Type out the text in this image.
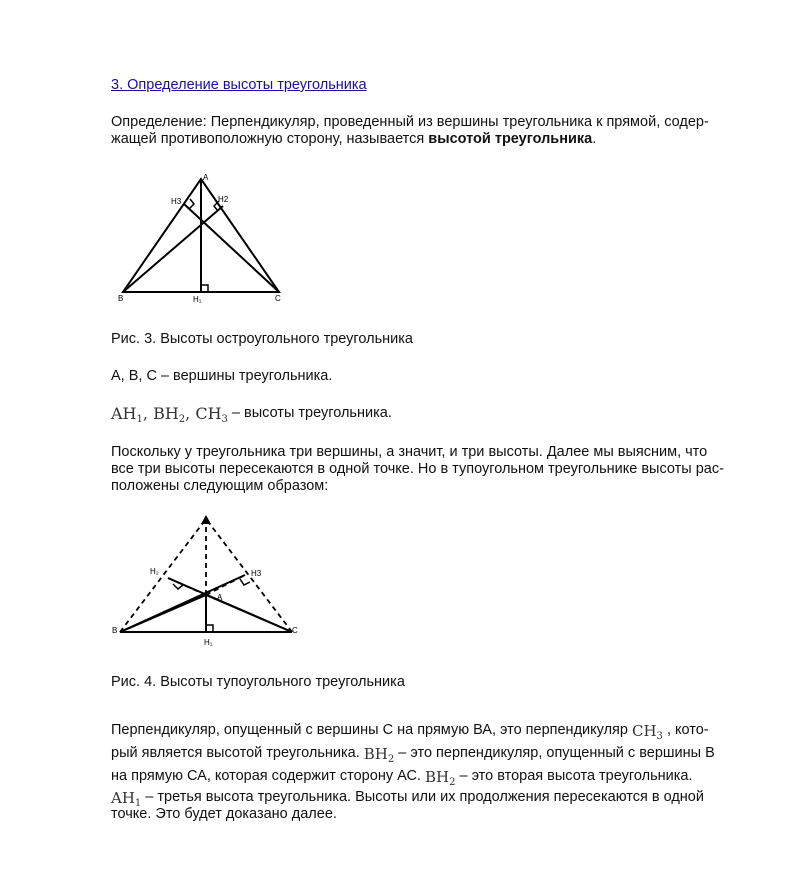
3. Определение высоты треугольника
Определение: Перпендикуляр, проведенный из вершины треугольника к прямой, содер-
жащей противоположную сторону, называется высотой треугольника.
A
B	C
H₁
H2
H3
Рис. 3. Высоты остроугольного треугольника
А, В, С – вершины треугольника.
$AH_1$, $BH_2$, $CH_3$ – высоты треугольника.
Поскольку у треугольника три вершины, а значит, и три высоты. Далее мы выясним, что
все три высоты пересекаются в одной точке. Но в тупоугольном треугольнике высоты рас-
положены следующим образом:
A
B	C
H₁
H₂	H3
Рис. 4. Высоты тупоугольного треугольника
Перпендикуляр, опущенный с вершины С на прямую ВА, это перпендикуляр $CH_3$ , кото-
рый является высотой треугольника. $BH_2$ – это перпендикуляр, опущенный с вершины В
на прямую СА, которая содержит сторону АС. $BH_2$ – это вторая высота треугольника.
$AH_1$ – третья высота треугольника. Высоты или их продолжения пересекаются в одной
точке. Это будет доказано далее.
